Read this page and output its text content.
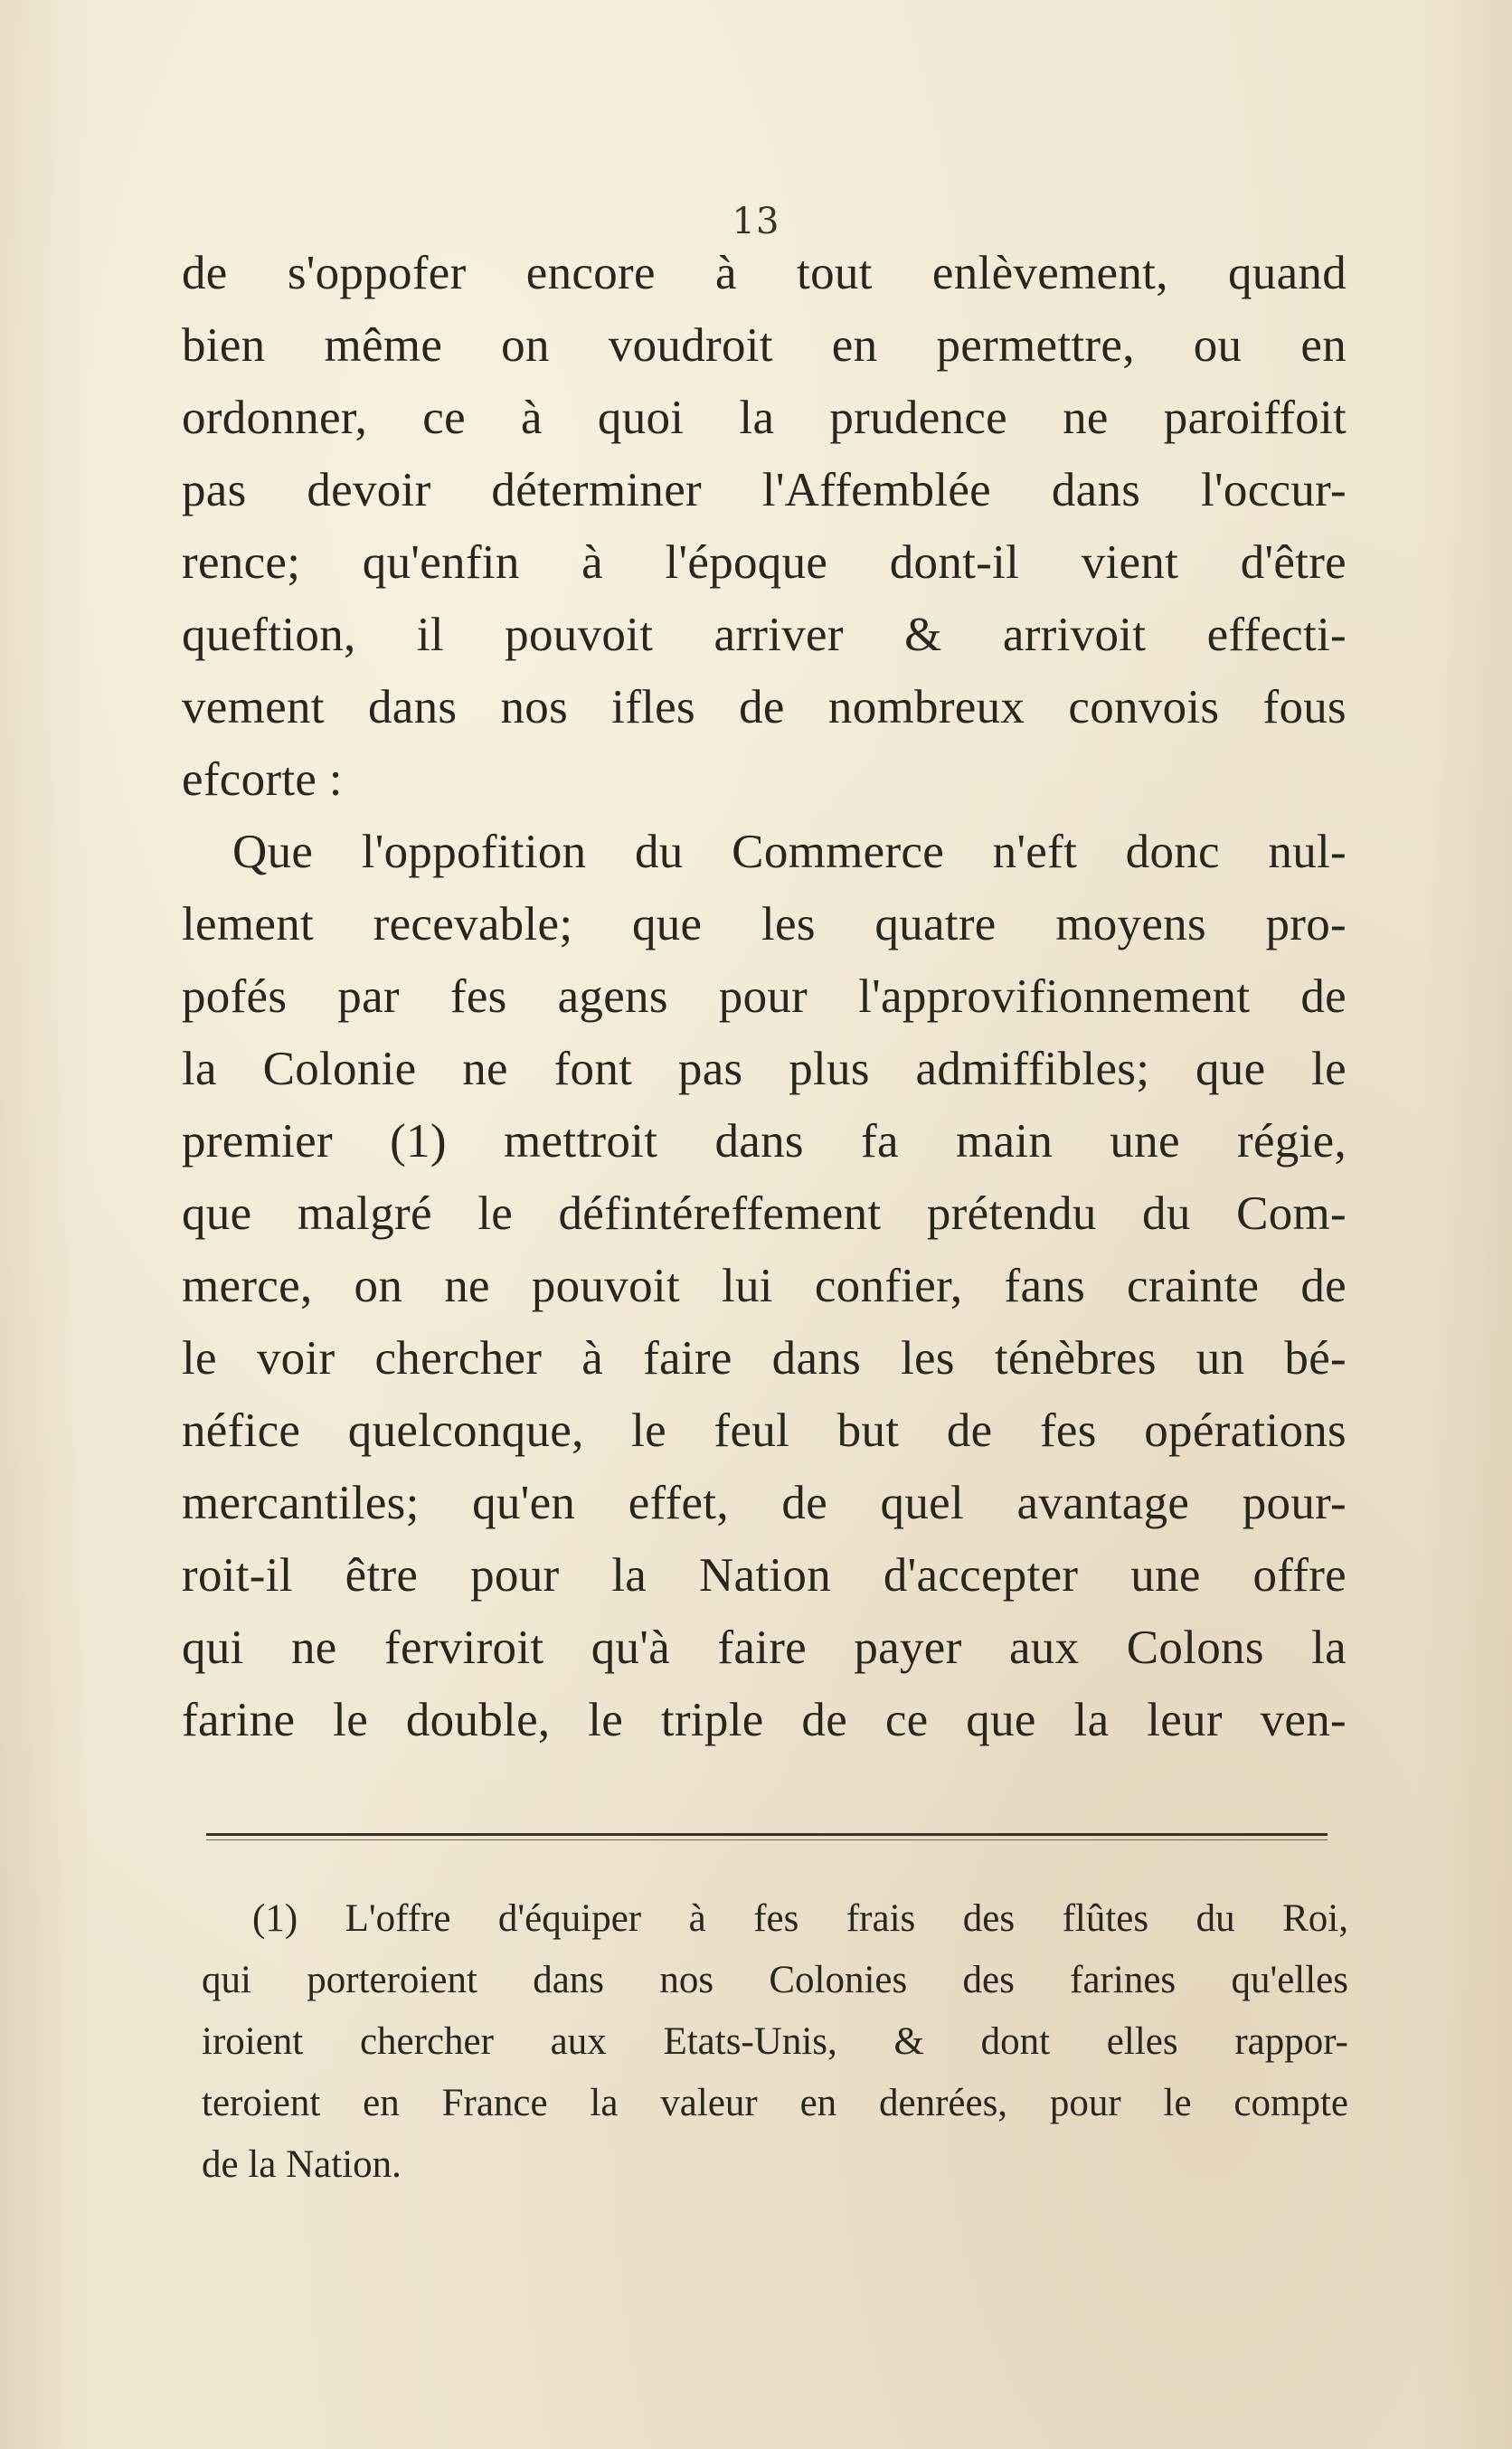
13
de s'oppofer encore à tout enlèvement, quand
bien même on voudroit en permettre, ou en
ordonner, ce à quoi la prudence ne paroiffoit
pas devoir déterminer l'Affemblée dans l'occur-
rence; qu'enfin à l'époque dont-il vient d'être
queftion, il pouvoit arriver & arrivoit effecti-
vement dans nos ifles de nombreux convois fous
efcorte :
Que l'oppofition du Commerce n'eft donc nul-
lement recevable; que les quatre moyens pro-
pofés par fes agens pour l'approvifionnement de
la Colonie ne font pas plus admiffibles; que le
premier (1) mettroit dans fa main une régie,
que malgré le défintéreffement prétendu du Com-
merce, on ne pouvoit lui confier, fans crainte de
le voir chercher à faire dans les ténèbres un bé-
néfice quelconque, le feul but de fes opérations
mercantiles; qu'en effet, de quel avantage pour-
roit-il être pour la Nation d'accepter une offre
qui ne ferviroit qu'à faire payer aux Colons la
farine le double, le triple de ce que la leur ven-
(1) L'offre d'équiper à fes frais des flûtes du Roi,
qui porteroient dans nos Colonies des farines qu'elles
iroient chercher aux Etats-Unis, & dont elles rappor-
teroient en France la valeur en denrées, pour le compte
de la Nation.
